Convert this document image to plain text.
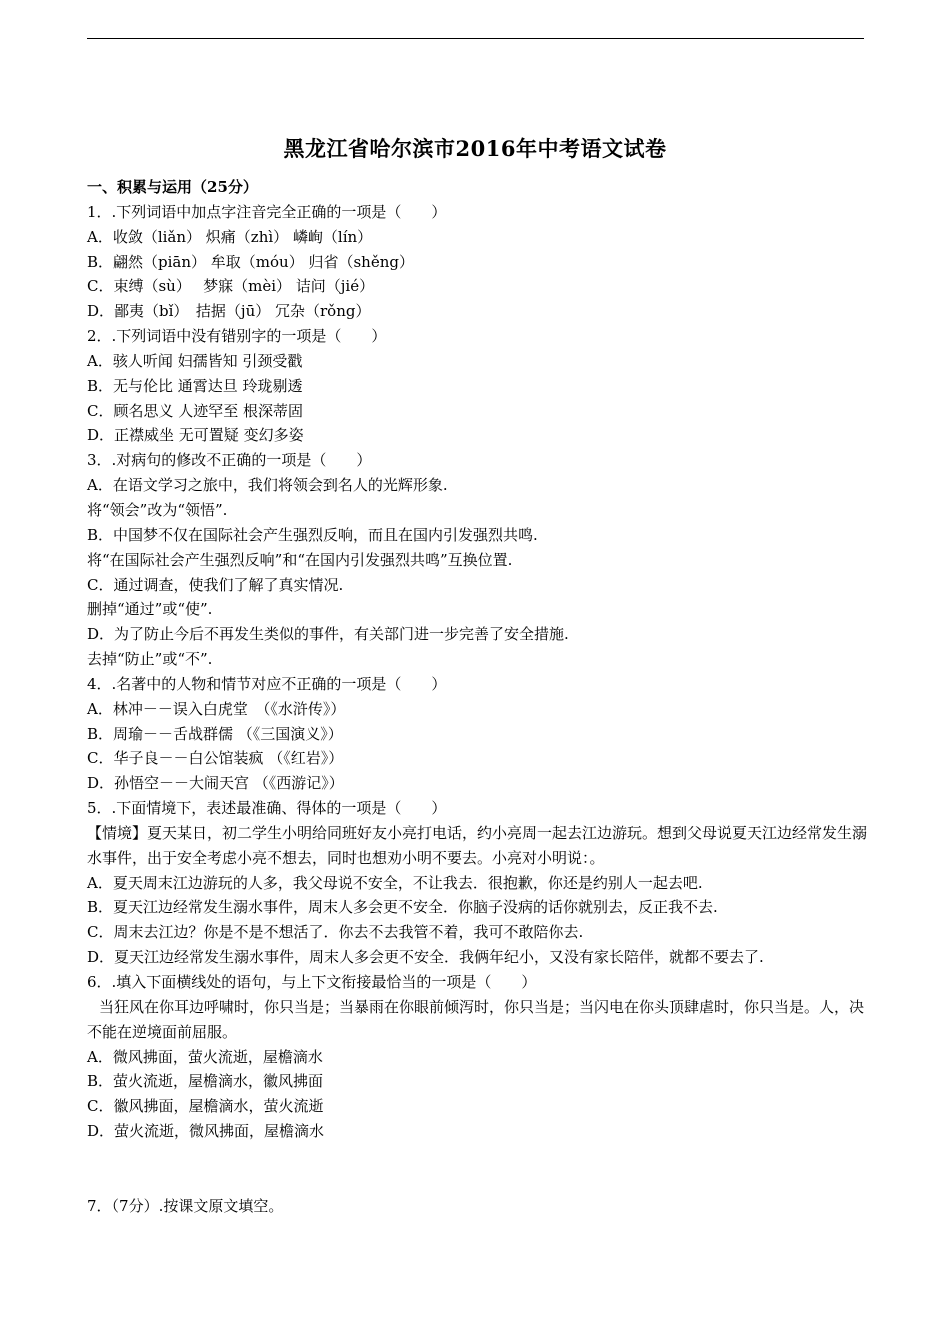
黑龙江省哈尔滨市2016年中考语文试卷
一、积累与运用（25分）
1．.下列词语中加点字注音完全正确的一项是（　　）
A．收敛（liǎn） 炽痛（zhì） 嶙峋（lín）
B．翩然（piān） 牟取（móu） 归省（shěng）
C．束缚（sù）　 梦寐（mèi） 诘问（jié）
D．鄙夷（bǐ）　拮据（jū） 冗杂（rǒng）
2．.下列词语中没有错别字的一项是（　　）
A．骇人听闻 妇孺皆知 引颈受戳
B．无与伦比 通霄达旦 玲珑剔透
C．顾名思义 人迹罕至 根深蒂固
D．正襟威坐 无可置疑 变幻多姿
3．.对病句的修改不正确的一项是（　　）
A．在语文学习之旅中，我们将领会到名人的光辉形象.
将“领会”改为“领悟”.
B．中国梦不仅在国际社会产生强烈反响，而且在国内引发强烈共鸣.
将“在国际社会产生强烈反响”和“在国内引发强烈共鸣”互换位置.
C．通过调查，使我们了解了真实情况.
删掉“通过”或“使”.
D．为了防止今后不再发生类似的事件，有关部门进一步完善了安全措施.
去掉“防止”或“不”.
4．.名著中的人物和情节对应不正确的一项是（　　）
A．林冲－－误入白虎堂　（《水浒传》）
B．周瑜－－舌战群儒 （《三国演义》）
C．华子良－－白公馆装疯 （《红岩》）
D．孙悟空－－大闹天宫 （《西游记》）
5．.下面情境下，表述最准确、得体的一项是（　　）
【情境】夏天某日，初二学生小明给同班好友小亮打电话，约小亮周一起去江边游玩。想到父母说夏天江边经常发生溺水事件，出于安全考虑小亮不想去，同时也想劝小明不要去。小亮对小明说：。
A．夏天周末江边游玩的人多，我父母说不安全，不让我去．很抱歉，你还是约别人一起去吧.
B．夏天江边经常发生溺水事件，周末人多会更不安全．你脑子没病的话你就别去，反正我不去.
C．周末去江边？你是不是不想活了．你去不去我管不着，我可不敢陪你去.
D．夏天江边经常发生溺水事件，周末人多会更不安全．我俩年纪小，又没有家长陪伴，就都不要去了.
6．.填入下面横线处的语句，与上下文衔接最恰当的一项是（　　）
当狂风在你耳边呼啸时，你只当是；当暴雨在你眼前倾泻时，你只当是；当闪电在你头顶肆虐时，你只当是。人，决不能在逆境面前屈服。
A．微风拂面，萤火流逝，屋檐滴水
B．萤火流逝，屋檐滴水，徽风拂面
C．徽风拂面，屋檐滴水，萤火流逝
D．萤火流逝，微风拂面，屋檐滴水
7．（7分）.按课文原文填空。
